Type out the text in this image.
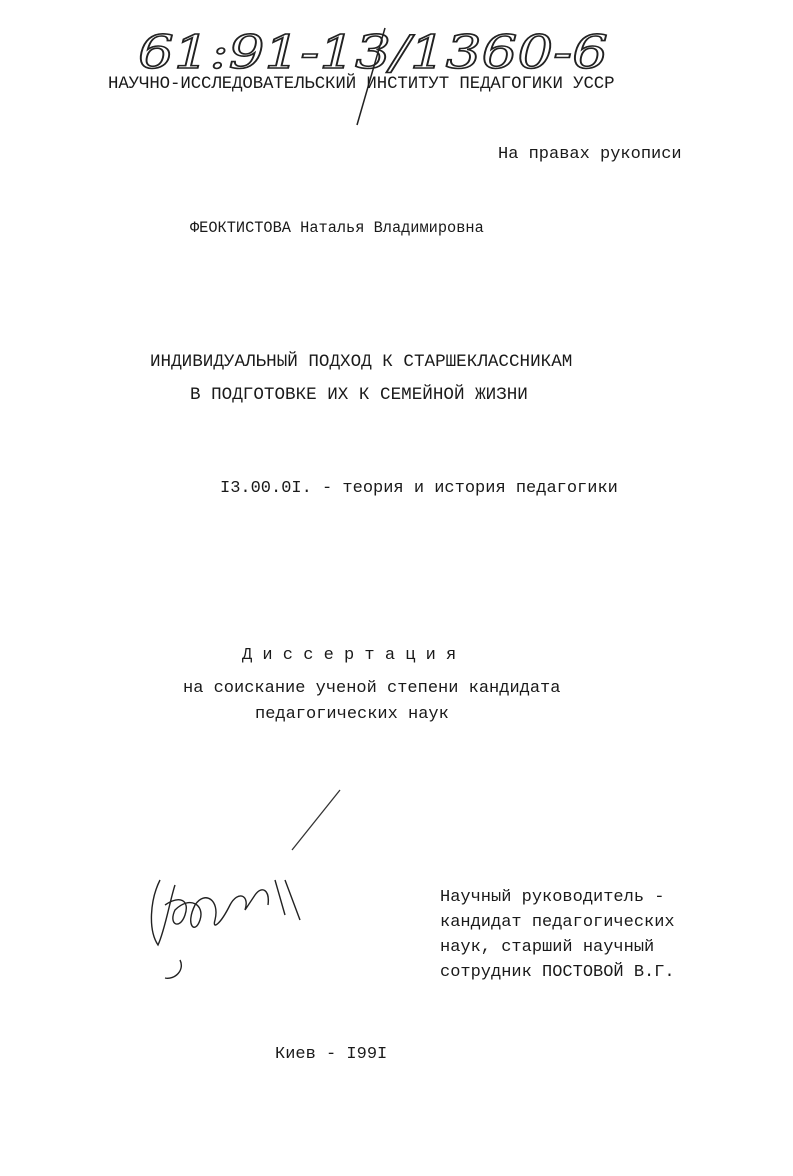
61:91-13/1360-6
НАУЧНО-ИССЛЕДОВАТЕЛЬСКИЙ ИНСТИТУТ ПЕДАГОГИКИ УССР
На правах рукописи
ФЕОКТИСТОВА Наталья Владимировна
ИНДИВИДУАЛЬНЫЙ ПОДХОД К СТАРШЕКЛАССНИКАМ
В ПОДГОТОВКЕ ИХ К СЕМЕЙНОЙ ЖИЗНИ
I3.00.0I. - теория и история педагогики
Д и с с е р т а ц и я
на соискание ученой степени кандидата
педагогических наук
Научный руководитель -
кандидат педагогических
наук, старший научный
сотрудник ПОСТОВОЙ В.Г.
Киев - I99I
